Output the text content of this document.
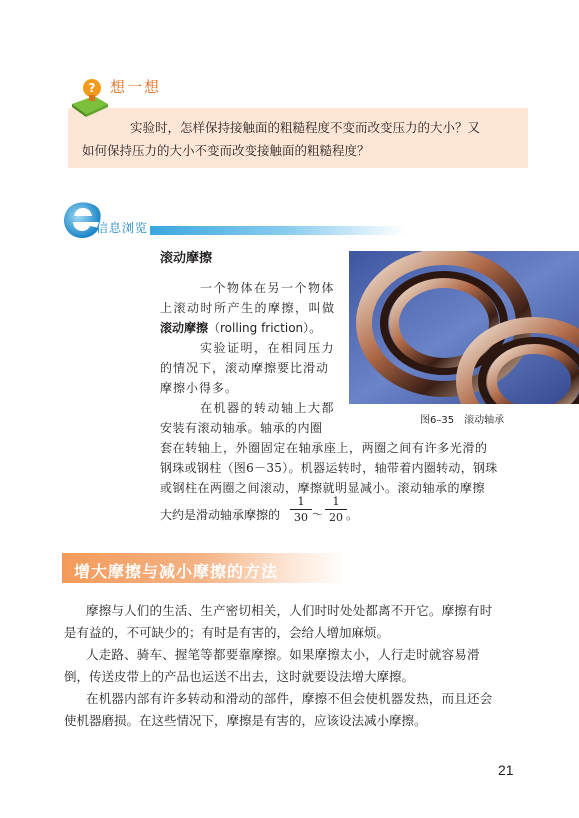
? 想一想
实验时，怎样保持接触面的粗糙程度不变而改变压力的大小？又
如何保持压力的大小不变而改变接触面的粗糙程度？
信息浏览
滚动摩擦
图6–35　滚动轴承
一个物体在另一个物体
上滚动时所产生的摩擦，叫做
滚动摩擦（rolling friction）。
实验证明，在相同压力
的情况下，滚动摩擦要比滑动
摩擦小得多。
在机器的转动轴上大都
安装有滚动轴承。轴承的内圈
套在转轴上，外圈固定在轴承座上，两圈之间有许多光滑的
钢珠或钢柱（图6－35）。机器运转时，轴带着内圈转动，钢珠
或钢柱在两圈之间滚动，摩擦就明显减小。滚动轴承的摩擦
大约是滑动轴承摩擦的
1
30 ～
1
20 。
增大摩擦与减小摩擦的方法
摩擦与人们的生活、生产密切相关，人们时时处处都离不开它。摩擦有时
是有益的，不可缺少的；有时是有害的，会给人增加麻烦。
人走路、骑车、握笔等都要靠摩擦。如果摩擦太小，人行走时就容易滑
倒，传送皮带上的产品也运送不出去，这时就要设法增大摩擦。
在机器内部有许多转动和滑动的部件，摩擦不但会使机器发热，而且还会
使机器磨损。在这些情况下，摩擦是有害的，应该设法减小摩擦。
21
